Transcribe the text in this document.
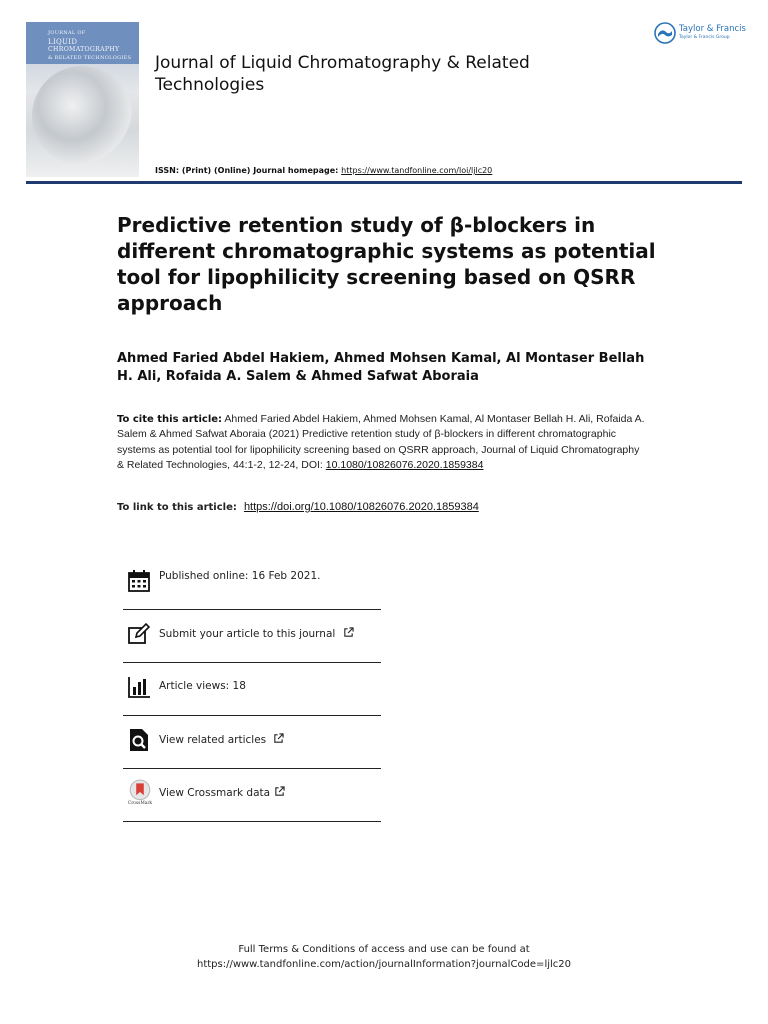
JOURNAL OF
LIQUID
CHROMATOGRAPHY
& RELATED TECHNOLOGIES Journal of Liquid Chromatography & Related Technologies
Taylor & Francis
Taylor & Francis Group
ISSN: (Print) (Online) Journal homepage: https://www.tandfonline.com/loi/ljlc20
Predictive retention study of β-blockers in different chromatographic systems as potential tool for lipophilicity screening based on QSRR approach
Ahmed Faried Abdel Hakiem, Ahmed Mohsen Kamal, Al Montaser Bellah H. Ali, Rofaida A. Salem & Ahmed Safwat Aboraia
To cite this article: Ahmed Faried Abdel Hakiem, Ahmed Mohsen Kamal, Al Montaser Bellah H. Ali, Rofaida A. Salem & Ahmed Safwat Aboraia (2021) Predictive retention study of β-blockers in different chromatographic systems as potential tool for lipophilicity screening based on QSRR approach, Journal of Liquid Chromatography & Related Technologies, 44:1-2, 12-24, DOI: 10.1080/10826076.2020.1859384
To link to this article: https://doi.org/10.1080/10826076.2020.1859384
Published online: 16 Feb 2021.
Submit your article to this journal
Article views: 18
View related articles
CrossMark
View Crossmark data
Full Terms & Conditions of access and use can be found at
https://www.tandfonline.com/action/journalInformation?journalCode=ljlc20
